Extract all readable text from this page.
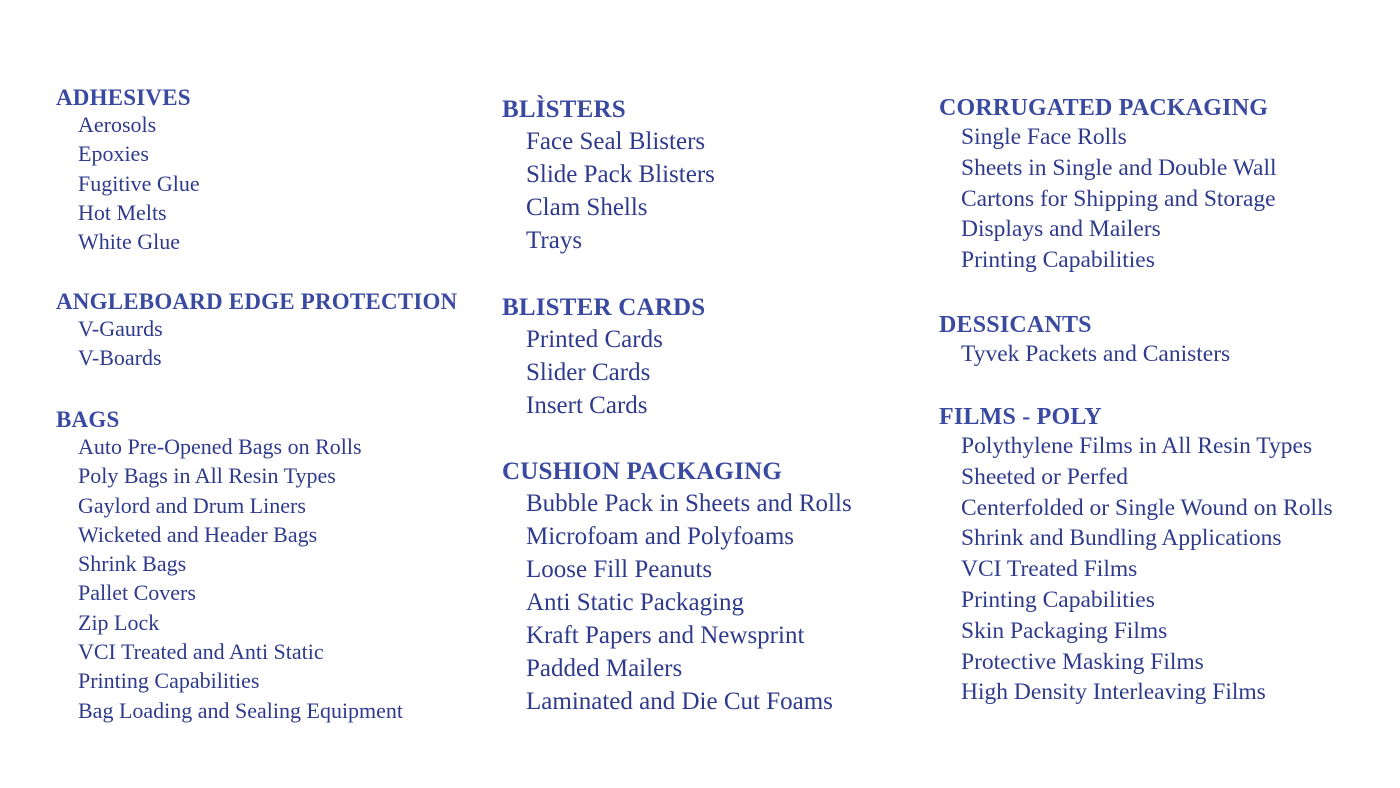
ADHESIVES
Aerosols
Epoxies
Fugitive Glue
Hot Melts
White Glue
ANGLEBOARD EDGE PROTECTION
V-Gaurds
V-Boards
BAGS
Auto Pre-Opened Bags on Rolls
Poly Bags in All Resin Types
Gaylord and Drum Liners
Wicketed and Header Bags
Shrink Bags
Pallet Covers
Zip Lock
VCI Treated and Anti Static
Printing Capabilities
Bag Loading and Sealing Equipment
BLÌSTERS
Face Seal Blisters
Slide Pack Blisters
Clam Shells
Trays
BLISTER CARDS
Printed Cards
Slider Cards
Insert Cards
CUSHION PACKAGING
Bubble Pack in Sheets and Rolls
Microfoam and Polyfoams
Loose Fill Peanuts
Anti Static Packaging
Kraft Papers and Newsprint
Padded Mailers
Laminated and Die Cut Foams
CORRUGATED PACKAGING
Single Face Rolls
Sheets in Single and Double Wall
Cartons for Shipping and Storage
Displays and Mailers
Printing Capabilities
DESSICANTS
Tyvek Packets and Canisters
FILMS - POLY
Polythylene Films in All Resin Types
Sheeted or Perfed
Centerfolded or Single Wound on Rolls
Shrink and Bundling Applications
VCI Treated Films
Printing Capabilities
Skin Packaging Films
Protective Masking Films
High Density Interleaving Films
